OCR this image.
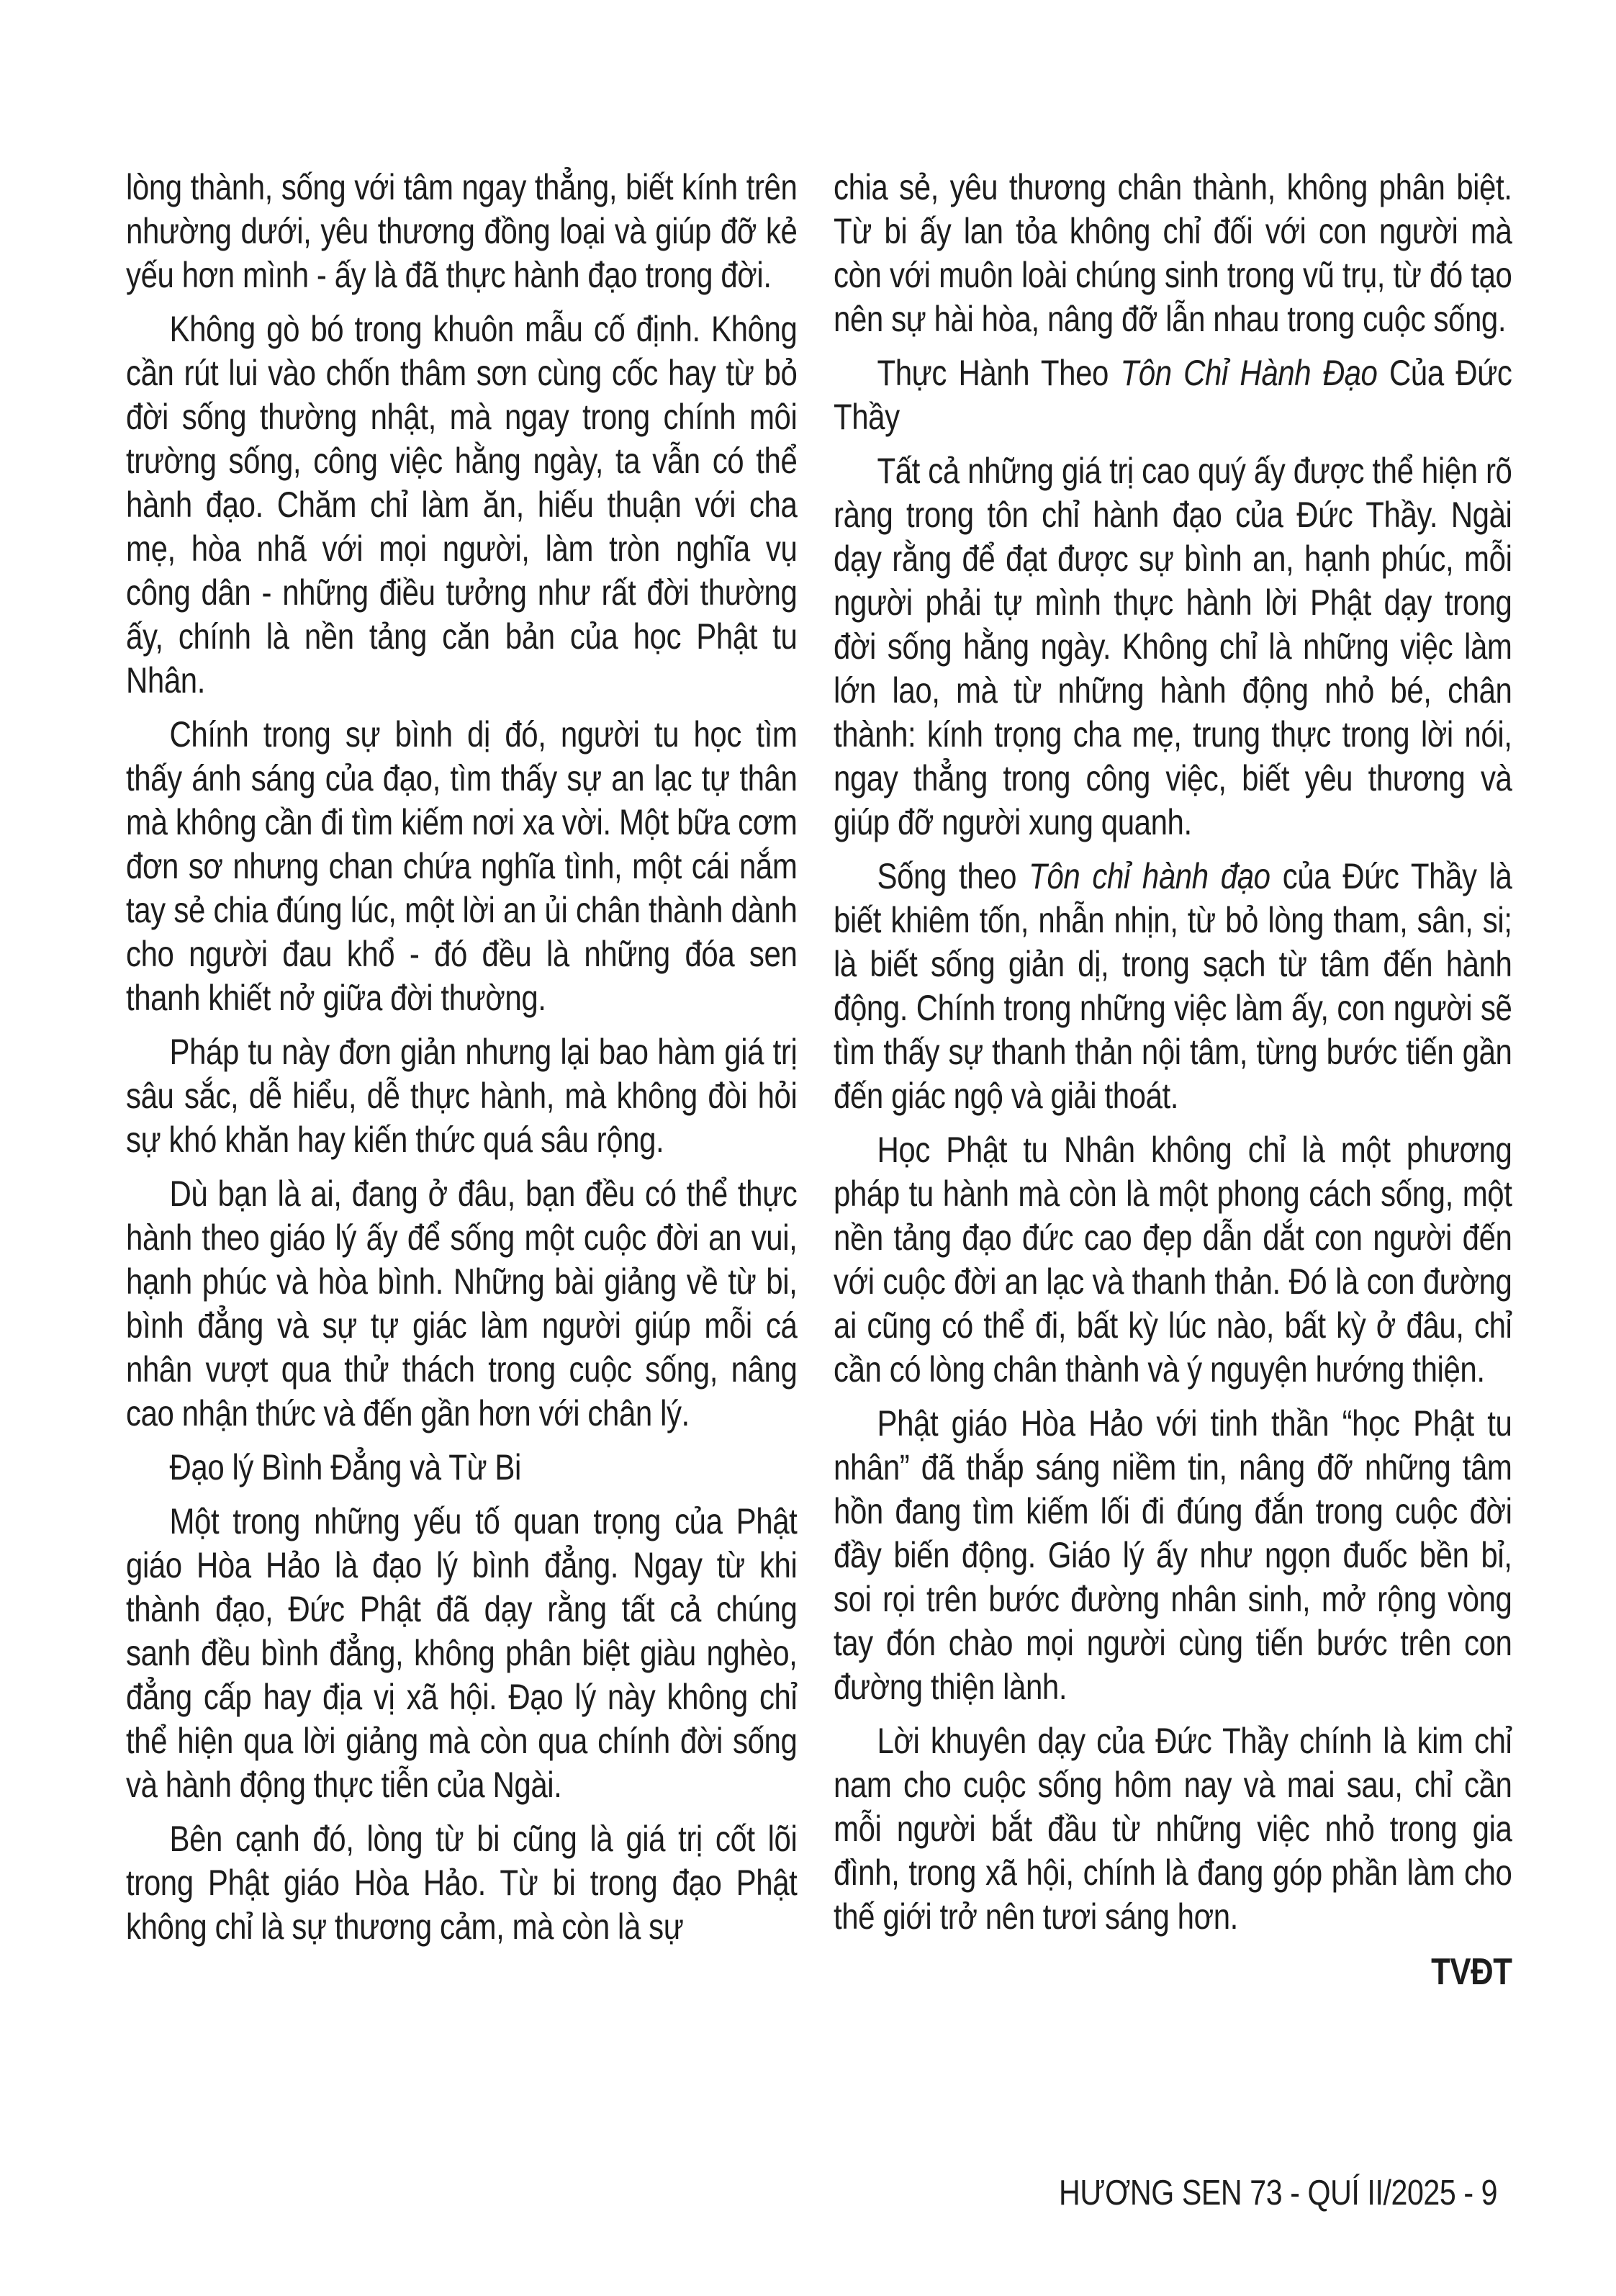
lòng thành, sống với tâm ngay thẳng, biết kính trên nhường dưới, yêu thương đồng loại và giúp đỡ kẻ yếu hơn mình - ấy là đã thực hành đạo trong đời.

Không gò bó trong khuôn mẫu cố định. Không cần rút lui vào chốn thâm sơn cùng cốc hay từ bỏ đời sống thường nhật, mà ngay trong chính môi trường sống, công việc hằng ngày, ta vẫn có thể hành đạo. Chăm chỉ làm ăn, hiếu thuận với cha mẹ, hòa nhã với mọi người, làm tròn nghĩa vụ công dân - những điều tưởng như rất đời thường ấy, chính là nền tảng căn bản của học Phật tu Nhân.

Chính trong sự bình dị đó, người tu học tìm thấy ánh sáng của đạo, tìm thấy sự an lạc tự thân mà không cần đi tìm kiếm nơi xa vời. Một bữa cơm đơn sơ nhưng chan chứa nghĩa tình, một cái nắm tay sẻ chia đúng lúc, một lời an ủi chân thành dành cho người đau khổ - đó đều là những đóa sen thanh khiết nở giữa đời thường.

Pháp tu này đơn giản nhưng lại bao hàm giá trị sâu sắc, dễ hiểu, dễ thực hành, mà không đòi hỏi sự khó khăn hay kiến thức quá sâu rộng.

Dù bạn là ai, đang ở đâu, bạn đều có thể thực hành theo giáo lý ấy để sống một cuộc đời an vui, hạnh phúc và hòa bình. Những bài giảng về từ bi, bình đẳng và sự tự giác làm người giúp mỗi cá nhân vượt qua thử thách trong cuộc sống, nâng cao nhận thức và đến gần hơn với chân lý.

Đạo lý Bình Đẳng và Từ Bi

Một trong những yếu tố quan trọng của Phật giáo Hòa Hảo là đạo lý bình đẳng. Ngay từ khi thành đạo, Đức Phật đã dạy rằng tất cả chúng sanh đều bình đẳng, không phân biệt giàu nghèo, đẳng cấp hay địa vị xã hội. Đạo lý này không chỉ thể hiện qua lời giảng mà còn qua chính đời sống và hành động thực tiễn của Ngài.

Bên cạnh đó, lòng từ bi cũng là giá trị cốt lõi trong Phật giáo Hòa Hảo. Từ bi trong đạo Phật không chỉ là sự thương cảm, mà còn là sự

chia sẻ, yêu thương chân thành, không phân biệt. Từ bi ấy lan tỏa không chỉ đối với con người mà còn với muôn loài chúng sinh trong vũ trụ, từ đó tạo nên sự hài hòa, nâng đỡ lẫn nhau trong cuộc sống.

Thực Hành Theo Tôn Chỉ Hành Đạo Của Đức Thầy

Tất cả những giá trị cao quý ấy được thể hiện rõ ràng trong tôn chỉ hành đạo của Đức Thầy. Ngài dạy rằng để đạt được sự bình an, hạnh phúc, mỗi người phải tự mình thực hành lời Phật dạy trong đời sống hằng ngày. Không chỉ là những việc làm lớn lao, mà từ những hành động nhỏ bé, chân thành: kính trọng cha mẹ, trung thực trong lời nói, ngay thẳng trong công việc, biết yêu thương và giúp đỡ người xung quanh.

Sống theo Tôn chỉ hành đạo của Đức Thầy là biết khiêm tốn, nhẫn nhịn, từ bỏ lòng tham, sân, si; là biết sống giản dị, trong sạch từ tâm đến hành động. Chính trong những việc làm ấy, con người sẽ tìm thấy sự thanh thản nội tâm, từng bước tiến gần đến giác ngộ và giải thoát.

Học Phật tu Nhân không chỉ là một phương pháp tu hành mà còn là một phong cách sống, một nền tảng đạo đức cao đẹp dẫn dắt con người đến với cuộc đời an lạc và thanh thản. Đó là con đường ai cũng có thể đi, bất kỳ lúc nào, bất kỳ ở đâu, chỉ cần có lòng chân thành và ý nguyện hướng thiện.

Phật giáo Hòa Hảo với tinh thần “học Phật tu nhân” đã thắp sáng niềm tin, nâng đỡ những tâm hồn đang tìm kiếm lối đi đúng đắn trong cuộc đời đầy biến động. Giáo lý ấy như ngọn đuốc bền bỉ, soi rọi trên bước đường nhân sinh, mở rộng vòng tay đón chào mọi người cùng tiến bước trên con đường thiện lành.

Lời khuyên dạy của Đức Thầy chính là kim chỉ nam cho cuộc sống hôm nay và mai sau, chỉ cần mỗi người bắt đầu từ những việc nhỏ trong gia đình, trong xã hội, chính là đang góp phần làm cho thế giới trở nên tươi sáng hơn.

TVĐT
HƯƠNG SEN 73 - QUÍ II/2025 - 9
